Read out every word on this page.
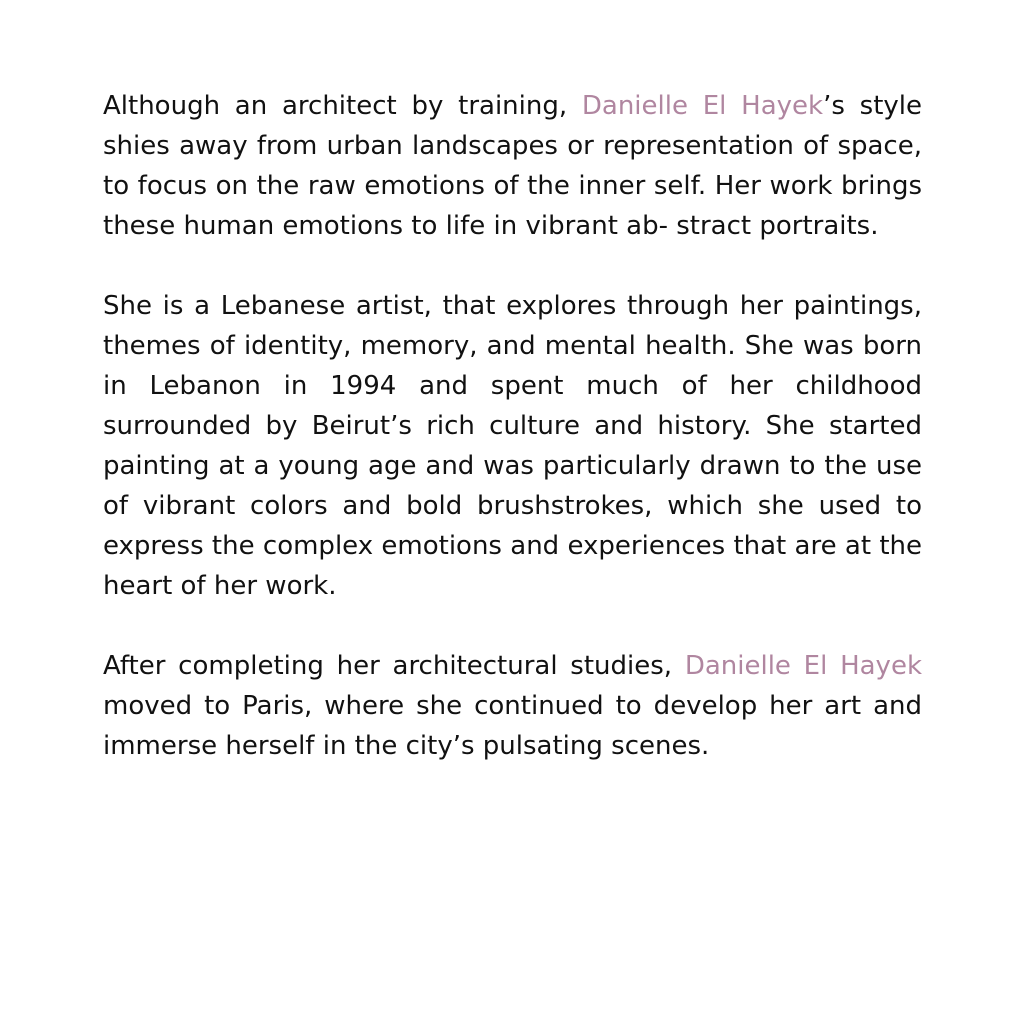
Although an architect by training, Danielle El Hayek’s style shies away from urban landscapes or representation of space, to focus on the raw emotions of the inner self. Her work brings these human emotions to life in vibrant ab- stract portraits.

She is a Lebanese artist, that explores through her paintings, themes of identity, memory, and mental health. She was born in Lebanon in 1994 and spent much of her childhood surrounded by Beirut’s rich culture and history. She started painting at a young age and was particularly drawn to the use of vibrant colors and bold brushstrokes, which she used to express the complex emotions and experiences that are at the heart of her work.

After completing her architectural studies, Danielle El Hayek moved to Paris, where she continued to develop her art and immerse herself in the city’s pulsating scenes.
